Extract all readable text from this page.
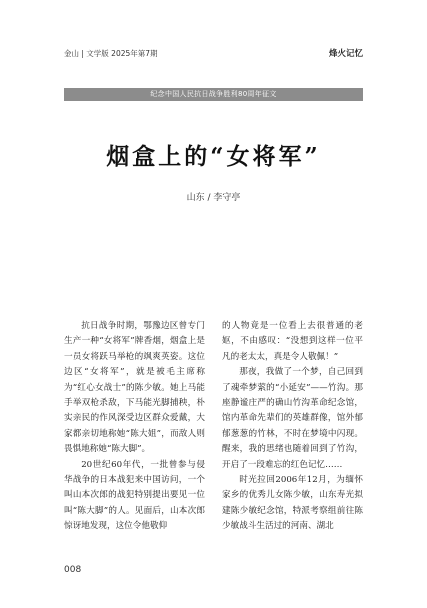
金山 | 文学版 2025年第7期	烽火记忆
纪念中国人民抗日战争胜利80周年征文
烟盒上的“女将军”
山东 / 李守亭

抗日战争时期，鄂豫边区曾专门生产一种“女将军”牌香烟，烟盒上是一员女将跃马举枪的飒爽英姿。这位边区“女将军”，就是被毛主席称为“红心女战士”的陈少敏。她上马能手举双枪杀敌，下马能光脚捕秧，朴实亲民的作风深受边区群众爱戴，大家都亲切地称她“陈大姐”，而敌人则畏惧地称她“陈大脚”。

20世纪60年代，一批曾参与侵华战争的日本战犯来中国访问，一个叫山本次郎的战犯特别提出要见一位叫“陈大脚”的人。见面后，山本次郎惊讶地发现，这位令他敬仰

的人物竟是一位看上去很普通的老妪，不由感叹：“没想到这样一位平凡的老太太，真是令人敬佩！”

那夜，我做了一个梦，自己回到了魂牵梦萦的“小延安”——竹沟。那座静谧庄严的确山竹沟革命纪念馆，馆内革命先辈们的英雄群像，馆外郁郁葱葱的竹林，不时在梦境中闪现。醒来，我的思绪也随着回到了竹沟，开启了一段难忘的红色记忆……

时光拉回2006年12月，为缅怀家乡的优秀儿女陈少敏，山东寿光拟建陈少敏纪念馆，特派考察组前往陈少敏战斗生活过的河南、湖北

008
